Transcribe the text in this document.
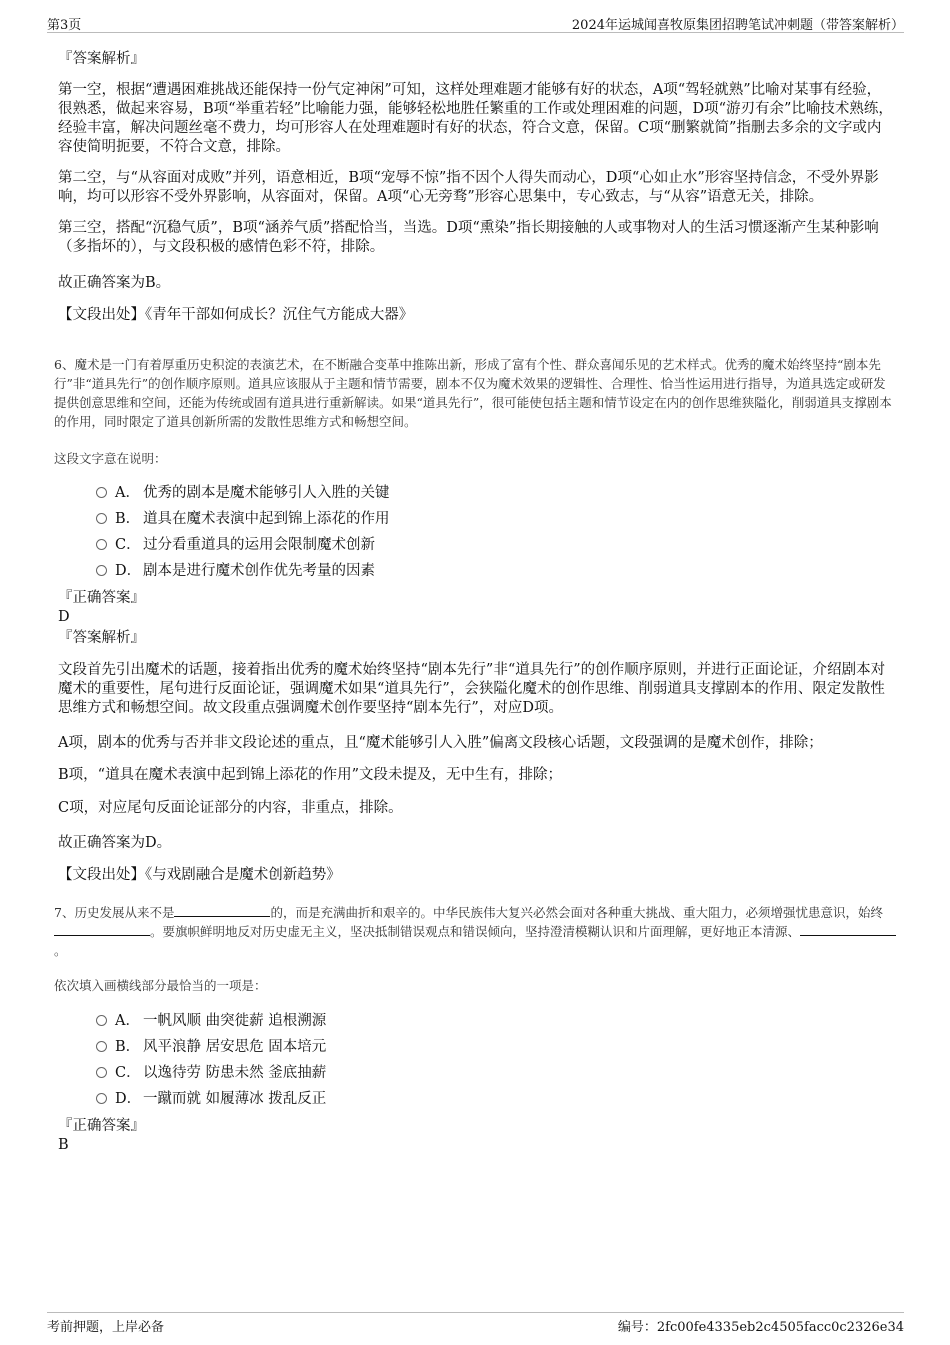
第3页	2024年运城闻喜牧原集团招聘笔试冲刺题（带答案解析）
『答案解析』

第一空，根据“遭遇困难挑战还能保持一份气定神闲”可知，这样处理难题才能够有好的状态，A项“驾轻就熟”比喻对某事有经验，很熟悉，做起来容易，B项“举重若轻”比喻能力强，能够轻松地胜任繁重的工作或处理困难的问题，D项“游刃有余”比喻技术熟练，经验丰富，解决问题丝毫不费力，均可形容人在处理难题时有好的状态，符合文意，保留。C项“删繁就简”指删去多余的文字或内容使简明扼要，不符合文意，排除。

第二空，与“从容面对成败”并列，语意相近，B项“宠辱不惊”指不因个人得失而动心，D项“心如止水”形容坚持信念，不受外界影响，均可以形容不受外界影响，从容面对，保留。A项“心无旁骛”形容心思集中，专心致志，与“从容”语意无关，排除。

第三空，搭配“沉稳气质”，B项“涵养气质”搭配恰当，当选。D项“熏染”指长期接触的人或事物对人的生活习惯逐渐产生某种影响（多指坏的），与文段积极的感情色彩不符，排除。

故正确答案为B。
【文段出处】《青年干部如何成长？沉住气方能成大器》

6、魔术是一门有着厚重历史积淀的表演艺术，在不断融合变革中推陈出新，形成了富有个性、群众喜闻乐见的艺术样式。优秀的魔术始终坚持“剧本先行”非“道具先行”的创作顺序原则。道具应该服从于主题和情节需要，剧本不仅为魔术效果的逻辑性、合理性、恰当性运用进行指导，为道具选定或研发提供创意思维和空间，还能为传统或固有道具进行重新解读。如果“道具先行”，很可能使包括主题和情节设定在内的创作思维狭隘化，削弱道具支撑剧本的作用，同时限定了道具创新所需的发散性思维方式和畅想空间。

这段文字意在说明：
A． 优秀的剧本是魔术能够引人入胜的关键
B． 道具在魔术表演中起到锦上添花的作用
C． 过分看重道具的运用会限制魔术创新
D． 剧本是进行魔术创作优先考量的因素
『正确答案』
D
『答案解析』

文段首先引出魔术的话题，接着指出优秀的魔术始终坚持“剧本先行”非“道具先行”的创作顺序原则，并进行正面论证，介绍剧本对魔术的重要性，尾句进行反面论证，强调魔术如果“道具先行”，会狭隘化魔术的创作思维、削弱道具支撑剧本的作用、限定发散性思维方式和畅想空间。故文段重点强调魔术创作要坚持“剧本先行”，对应D项。

A项，剧本的优秀与否并非文段论述的重点，且“魔术能够引人入胜”偏离文段核心话题，文段强调的是魔术创作，排除；

B项，“道具在魔术表演中起到锦上添花的作用”文段未提及，无中生有，排除；

C项，对应尾句反面论证部分的内容，非重点，排除。

故正确答案为D。
【文段出处】《与戏剧融合是魔术创新趋势》

7、历史发展从来不是	的，而是充满曲折和艰辛的。中华民族伟大复兴必然会面对各种重大挑战、重大阻力，必须增强忧患意识，始终。要旗帜鲜明地反对历史虚无主义，坚决抵制错误观点和错误倾向，坚持澄清模糊认识和片面理解，更好地正本清源、。

依次填入画横线部分最恰当的一项是：
A． 一帆风顺 曲突徙薪 追根溯源
B． 风平浪静 居安思危 固本培元
C． 以逸待劳 防患未然 釜底抽薪
D． 一蹴而就 如履薄冰 拨乱反正
『正确答案』
B
考前押题，上岸必备	编号：2fc00fe4335eb2c4505facc0c2326e34
